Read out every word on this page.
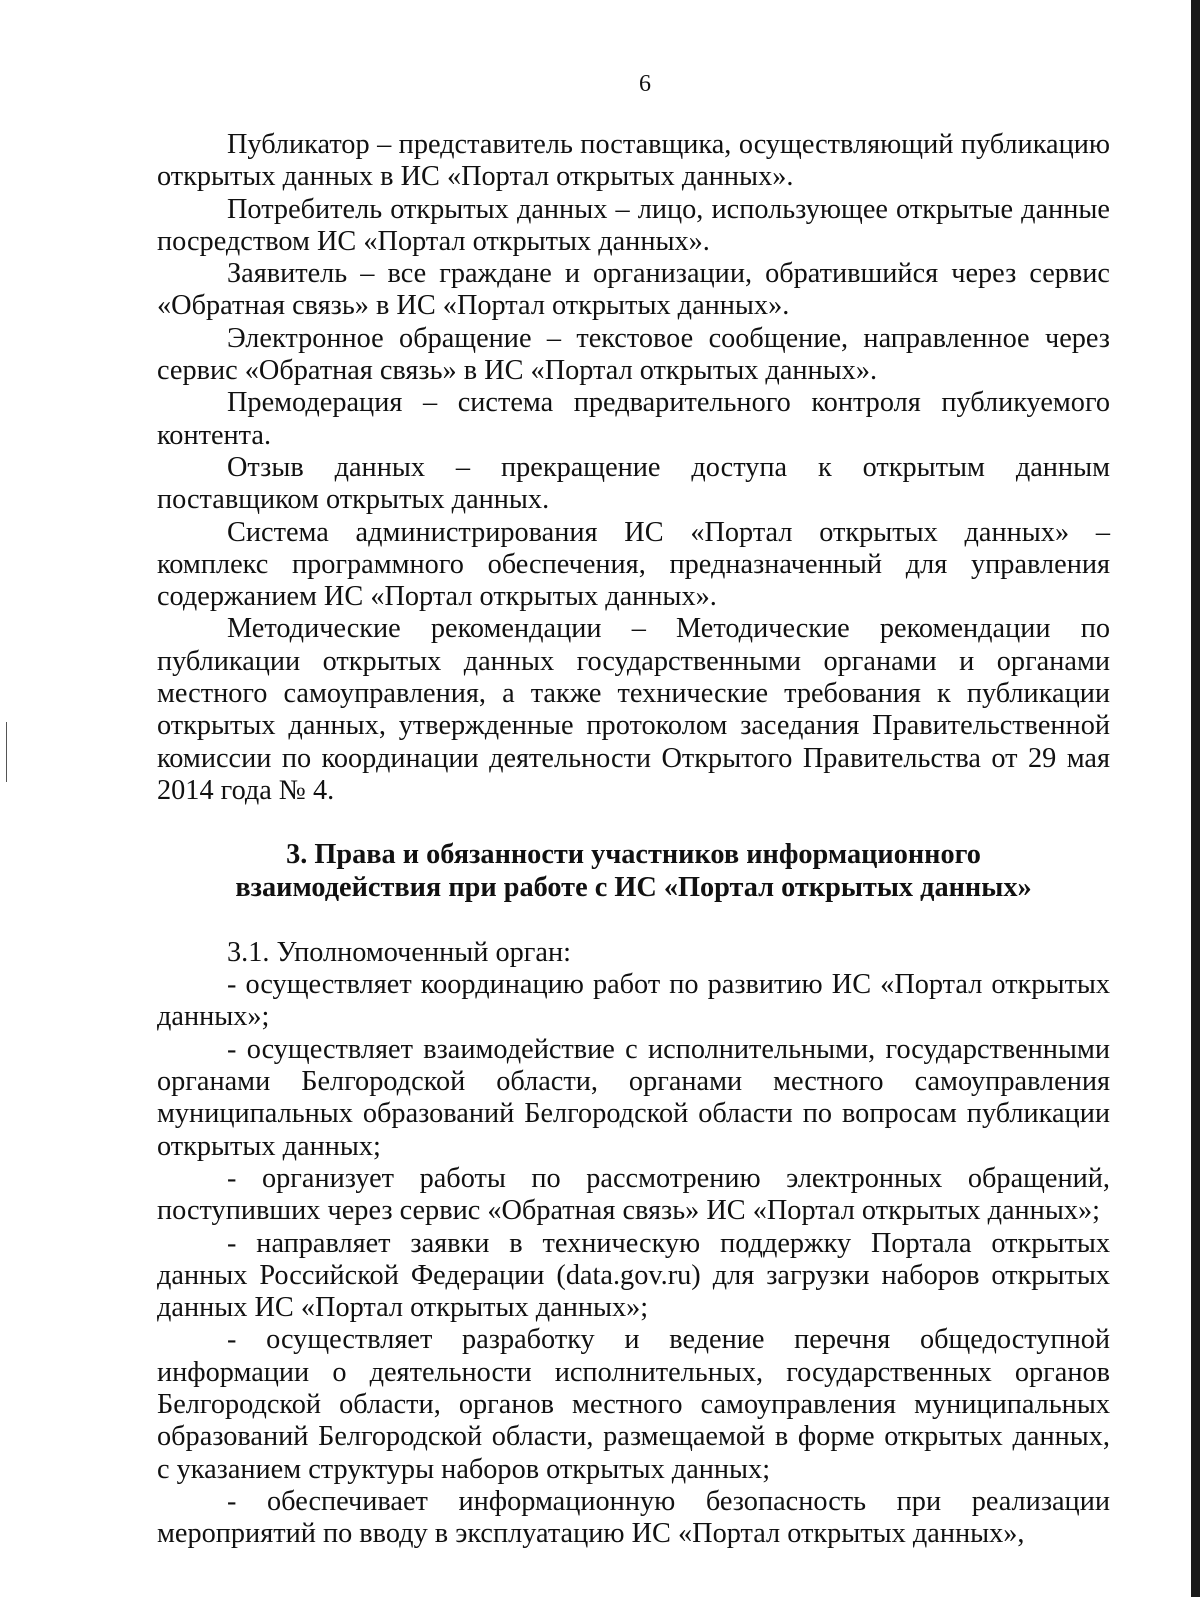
6

Публикатор – представитель поставщика, осуществляющий публикацию открытых данных в ИС «Портал открытых данных».

Потребитель открытых данных – лицо, использующее открытые данные посредством ИС «Портал открытых данных».

Заявитель – все граждане и организации, обратившийся через сервис «Обратная связь» в ИС «Портал открытых данных».

Электронное обращение – текстовое сообщение, направленное через сервис «Обратная связь» в ИС «Портал открытых данных».

Премодерация – система предварительного контроля публикуемого контента.

Отзыв данных – прекращение доступа к открытым данным поставщиком открытых данных.

Система администрирования ИС «Портал открытых данных» – комплекс программного обеспечения, предназначенный для управления содержанием ИС «Портал открытых данных».

Методические рекомендации – Методические рекомендации по публикации открытых данных государственными органами и органами местного самоуправления, а также технические требования к публикации открытых данных, утвержденные протоколом заседания Правительственной комиссии по координации деятельности Открытого Правительства от 29 мая 2014 года № 4.

3. Права и обязанности участников информационного
взаимодействия при работе с ИС «Портал открытых данных»

3.1. Уполномоченный орган:

- осуществляет координацию работ по развитию ИС «Портал открытых данных»;

- осуществляет взаимодействие с исполнительными, государственными органами Белгородской области, органами местного самоуправления муниципальных образований Белгородской области по вопросам публикации открытых данных;

- организует работы по рассмотрению электронных обращений, поступивших через сервис «Обратная связь» ИС «Портал открытых данных»;

- направляет заявки в техническую поддержку Портала открытых данных Российской Федерации (data.gov.ru) для загрузки наборов открытых данных ИС «Портал открытых данных»;

- осуществляет разработку и ведение перечня общедоступной информации о деятельности исполнительных, государственных органов Белгородской области, органов местного самоуправления муниципальных образований Белгородской области, размещаемой в форме открытых данных, с указанием структуры наборов открытых данных;

- обеспечивает информационную безопасность при реализации мероприятий по вводу в эксплуатацию ИС «Портал открытых данных»,
